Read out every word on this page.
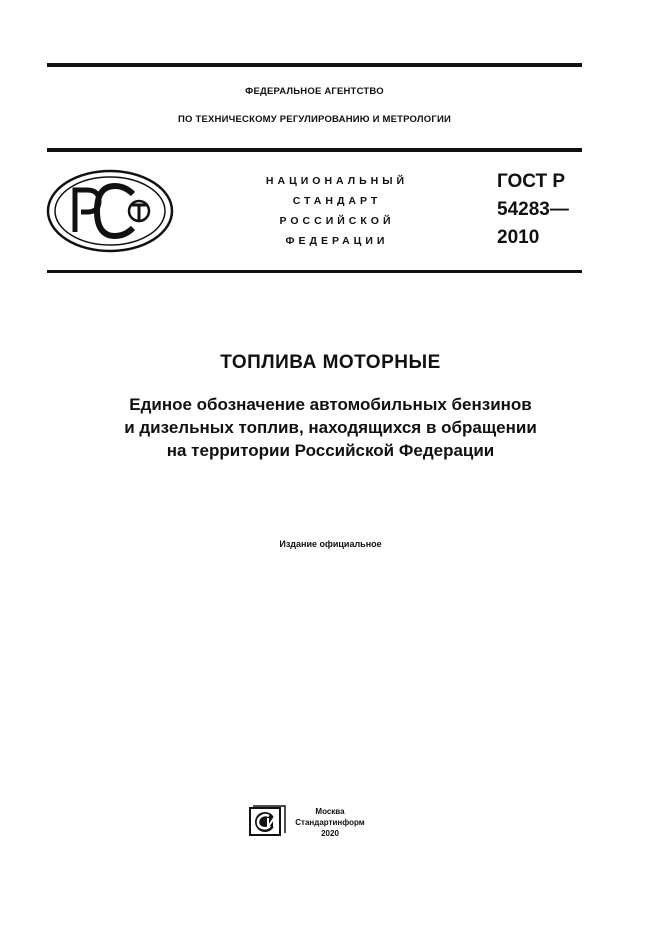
ФЕДЕРАЛЬНОЕ АГЕНТСТВО
ПО ТЕХНИЧЕСКОМУ РЕГУЛИРОВАНИЮ И МЕТРОЛОГИИ
НАЦИОНАЛЬНЫЙ
СТАНДАРТ
РОССИЙСКОЙ
ФЕДЕРАЦИИ
ГОСТ Р
54283—
2010
ТОПЛИВА МОТОРНЫЕ
Единое обозначение автомобильных бензинов
и дизельных топлив, находящихся в обращении
на территории Российской Федерации
Издание официальное
Москва
Стандартинформ
2020
